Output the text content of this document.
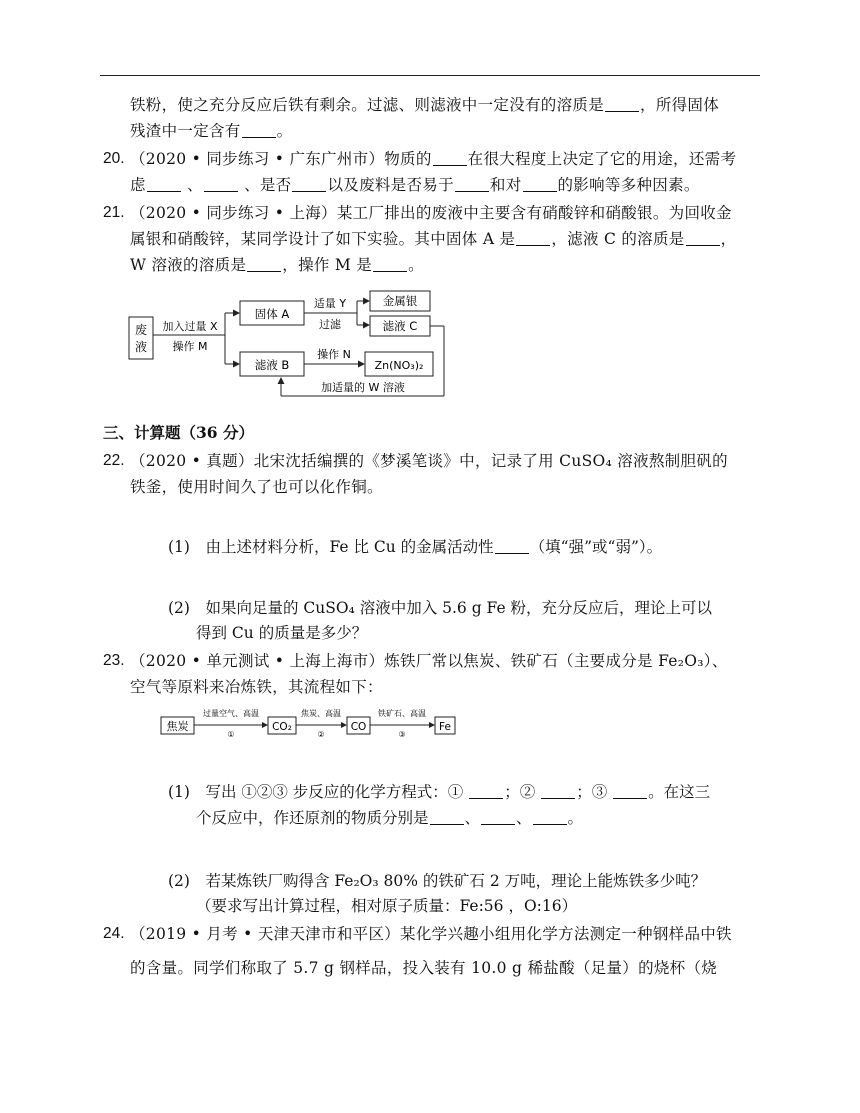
铁粉，使之充分反应后铁有剩余。过滤、则滤液中一定没有的溶质是 ，所得固体
残渣中一定含有 。
20. （2020 • 同步练习 • 广东广州市）物质的 在很大程度上决定了它的用途，还需考
虑 、 、是否 以及废料是否易于 和对 的影响等多种因素。
21. （2020 • 同步练习 • 上海）某工厂排出的废液中主要含有硝酸锌和硝酸银。为回收金
属银和硝酸锌，某同学设计了如下实验。其中固体 A 是 ，滤液 C 的溶质是 ，
W 溶液的溶质是 ，操作 M 是 。
废
液
加入过量 X
操作 M
固体 A
适量 Y
过滤
金属银
滤液 C
滤液 B
操作 N
Zn(NO₃)₂
加适量的 W 溶液
三、计算题（36 分）
22. （2020 • 真题）北宋沈括编撰的《梦溪笔谈》中，记录了用 CuSO₄ 溶液熬制胆矾的
铁釜，使用时间久了也可以化作铜。
(1)　由上述材料分析，Fe 比 Cu 的金属活动性 （填“强”或“弱”）。
(2)　如果向足量的 CuSO₄ 溶液中加入 5.6 g Fe 粉，充分反应后，理论上可以
得到 Cu 的质量是多少？
23. （2020 • 单元测试 • 上海上海市）炼铁厂常以焦炭、铁矿石（主要成分是 Fe₂O₃）、
空气等原料来冶炼铁，其流程如下：
焦炭
过量空气、高温
①
CO₂
焦炭、高温
②
CO
铁矿石、高温
③
Fe
(1)　写出 ①②③ 步反应的化学方程式：①	；②	；③	。在这三
个反应中，作还原剂的物质分别是 、 、 。
(2)　若某炼铁厂购得含 Fe₂O₃ 80% 的铁矿石 2 万吨，理论上能炼铁多少吨？
（要求写出计算过程，相对原子质量：Fe:56 ，O:16）
24. （2019 • 月考 • 天津天津市和平区）某化学兴趣小组用化学方法测定一种钢样品中铁
的含量。同学们称取了 5.7 g 钢样品，投入装有 10.0 g 稀盐酸（足量）的烧杯（烧
